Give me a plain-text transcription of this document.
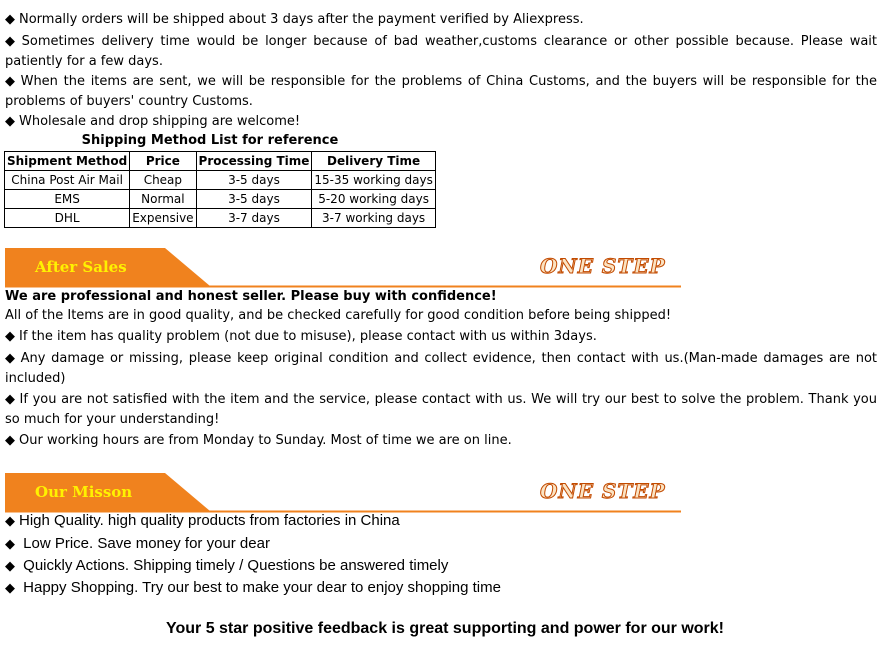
◆ Normally orders will be shipped about 3 days after the payment verified by Aliexpress.
◆ Sometimes delivery time would be longer because of bad weather,customs clearance or other possible because. Please wait patiently for a few days.
◆ When the items are sent, we will be responsible for the problems of China Customs, and the buyers will be responsible for the problems of buyers' country Customs.
◆ Wholesale and drop shipping are welcome!
Shipping Method List for reference
Shipment Method	Price	Processing Time	Delivery Time
China Post Air Mail	Cheap	3-5 days	15-35 working days
EMS	Normal	3-5 days	5-20 working days
DHL	Expensive	3-7 days	3-7 working days
After Sales	ONE STEP
We are professional and honest seller. Please buy with confidence!
All of the Items are in good quality, and be checked carefully for good condition before being shipped!
◆ If the item has quality problem (not due to misuse), please contact with us within 3days.
◆ Any damage or missing, please keep original condition and collect evidence, then contact with us.(Man-made damages are not included)
◆ If you are not satisfied with the item and the service, please contact with us. We will try our best to solve the problem. Thank you so much for your understanding!
◆ Our working hours are from Monday to Sunday. Most of time we are on line.
Our Misson	ONE STEP
◆ High Quality. high quality products from factories in China
◆ Low Price. Save money for your dear
◆ Quickly Actions. Shipping timely / Questions be answered timely
◆ Happy Shopping. Try our best to make your dear to enjoy shopping time
Your 5 star positive feedback is great supporting and power for our work!
